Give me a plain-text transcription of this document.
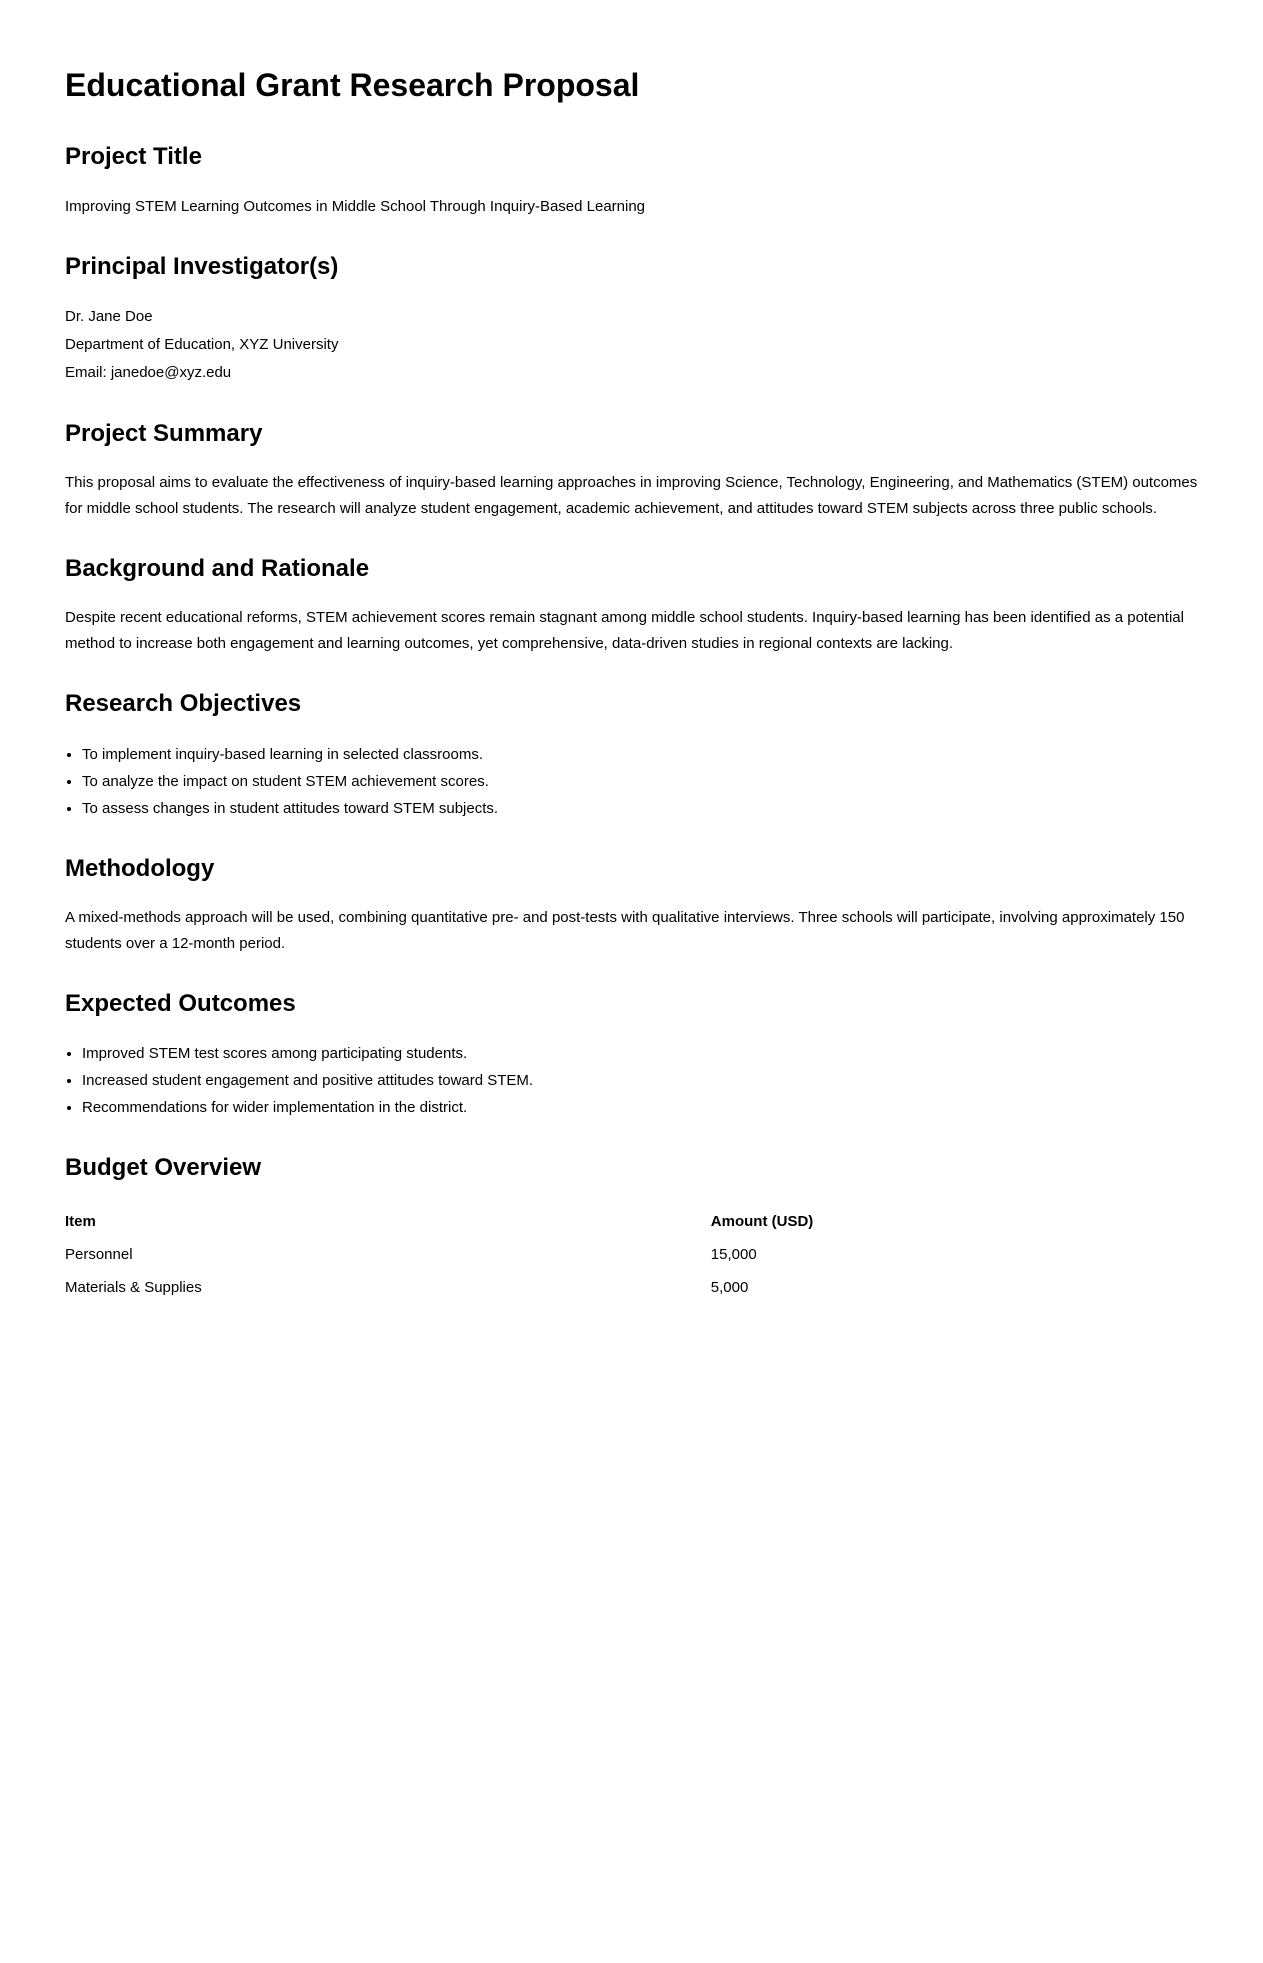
Educational Grant Research Proposal
Project Title

Improving STEM Learning Outcomes in Middle School Through Inquiry-Based Learning

Principal Investigator(s)

Dr. Jane Doe

Department of Education, XYZ University

Email: janedoe@xyz.edu

Project Summary

This proposal aims to evaluate the effectiveness of inquiry-based learning approaches in improving Science, Technology, Engineering, and Mathematics (STEM) outcomes for middle school students. The research will analyze student engagement, academic achievement, and attitudes toward STEM subjects across three public schools.

Background and Rationale

Despite recent educational reforms, STEM achievement scores remain stagnant among middle school students. Inquiry-based learning has been identified as a potential method to increase both engagement and learning outcomes, yet comprehensive, data-driven studies in regional contexts are lacking.

Research Objectives
• To implement inquiry-based learning in selected classrooms.
• To analyze the impact on student STEM achievement scores.
• To assess changes in student attitudes toward STEM subjects.
Methodology

A mixed-methods approach will be used, combining quantitative pre- and post-tests with qualitative interviews. Three schools will participate, involving approximately 150 students over a 12-month period.

Expected Outcomes
• Improved STEM test scores among participating students.
• Increased student engagement and positive attitudes toward STEM.
• Recommendations for wider implementation in the district.
Budget Overview
Item	Amount (USD)
Personnel	15,000
Materials & Supplies	5,000
